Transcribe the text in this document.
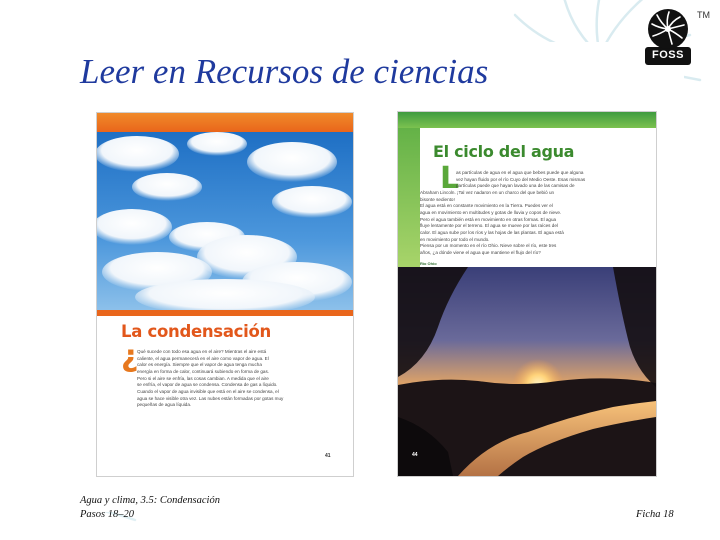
Leer en Recursos de ciencias
TM
FOSS
La condensación
¿
Qué sucede con todo esa agua en el aire? Mientras el aire está
caliente, el agua permanecerá en el aire como vapor de agua. El
calor es energía. Siempre que el vapor de agua tenga mucha
energía en forma de calor, continuará subiendo en forma de gas.
Pero si el aire se enfría, las cosas cambian. A medida que el aire
se enfría, el vapor de agua se condensa. Condensa de gas a líquido.
Cuando el vapor de agua invisible que está en el aire se condensa, el
agua se hace visible otra vez. Las nubes están formadas por gotas muy
pequeñas de agua líquida.
41
El ciclo del agua
L
as partículas de agua en el agua que bebes puede que alguna
vez hayan fluido por el río Cuyo del Medio Oeste. Esas mismas
partículas puede que hayan lavado una de las camisas de
Abraham Lincoln. ¡Tal vez nadaron en un charco del que bebió un
bisonte sediento!
El agua está en constante movimiento en la Tierra. Puedes ver el
agua en movimiento en multitudes y gotas de lluvia y copos de nieve.
Pero el agua también está en movimiento en otras formas. El agua
fluye lentamente por el terreno. El agua se mueve por las raíces del
calor. El agua sube por los ríos y las hojas de las plantas. El agua está
en movimiento por todo el mundo.
Piensa por un momento en el río Ohio. Nieve sobre el río, este tres
años, ¿a dónde viene el agua que mantiene el flujo del río?
Río Ohio
44
Agua y clima, 3.5: Condensación
Pasos 18–20	Ficha 18
